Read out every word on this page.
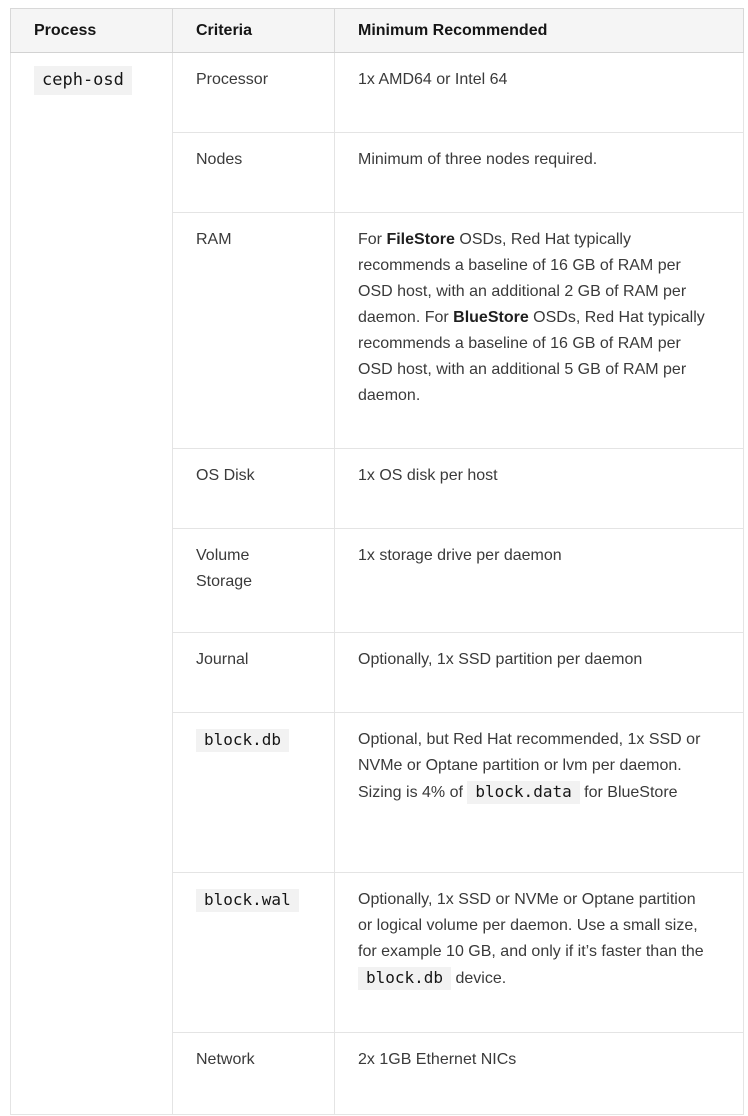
Process	Criteria	Minimum Recommended
ceph-osd	Processor	1x AMD64 or Intel 64

	Nodes	Minimum of three nodes required.

	RAM	For FileStore OSDs, Red Hat typically recommends a baseline of 16 GB of RAM per OSD host, with an additional 2 GB of RAM per daemon. For BlueStore OSDs, Red Hat typically recommends a baseline of 16 GB of RAM per OSD host, with an additional 5 GB of RAM per daemon.

	OS Disk	1x OS disk per host

	Volume Storage	1x storage drive per daemon

	Journal	Optionally, 1x SSD partition per daemon

	block.db	Optional, but Red Hat recommended, 1x SSD or NVMe or Optane partition or lvm per daemon. Sizing is 4% of block.data for BlueStore

	block.wal	Optionally, 1x SSD or NVMe or Optane partition or logical volume per daemon. Use a small size, for example 10 GB, and only if it’s faster than the block.db device.

	Network	2x 1GB Ethernet NICs
